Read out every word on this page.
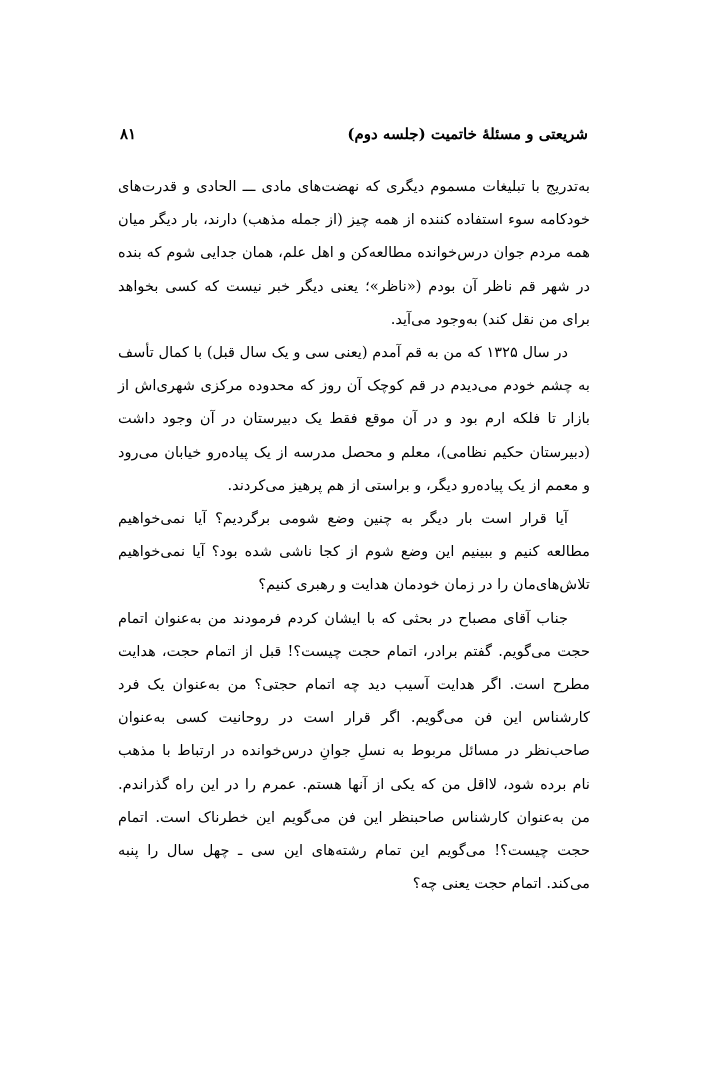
شریعتی و مسئلهٔ خاتمیت (جلسه دوم)
۸۱

به‌تدریج با تبلیغات مسموم دیگری که نهضت‌های مادی ـــ الحادی و قدرت‌های خودکامه سوء استفاده کننده از همه چیز (از جمله مذهب) دارند، بار دیگر میان همه مردم جوان درس‌خوانده مطالعه‌کن و اهل علم، همان جدایی شوم که بنده در شهر قم ناظر آن بودم («ناظر»؛ یعنی دیگر خبر نیست که کسی بخواهد برای من نقل کند) به‌وجود می‌آید.

در سال ۱۳۲۵ که من به قم آمدم (یعنی سی و یک سال قبل) با کمال تأسف به چشم خودم می‌دیدم در قم کوچک آن روز که محدوده مرکزی شهری‌اش از بازار تا فلکه ارم بود و در آن موقع فقط یک دبیرستان در آن وجود داشت (دبیرستان حکیم نظامی)، معلم و محصل مدرسه از یک پیاده‌رو خیابان می‌رود و معمم از یک پیاده‌رو دیگر، و براستی از هم پرهیز می‌کردند.

آیا قرار است بار دیگر به چنین وضع شومی برگردیم؟ آیا نمی‌خواهیم مطالعه کنیم و ببینیم این وضع شوم از کجا ناشی شده بود؟ آیا نمی‌خواهیم تلاش‌های‌مان را در زمان خودمان هدایت و رهبری کنیم؟

جناب آقای مصباح در بحثی که با ایشان کردم فرمودند من به‌عنوان اتمام حجت می‌گویم. گفتم برادر، اتمام حجت چیست؟! قبل از اتمام حجت، هدایت مطرح است. اگر هدایت آسیب دید چه اتمام حجتی؟ من به‌عنوان یک فرد کارشناس این فن می‌گویم. اگر قرار است در روحانیت کسی به‌عنوان صاحب‌نظر در مسائل مربوط به نسلِ جوانِ درس‌خوانده در ارتباط با مذهب نام برده شود، لااقل من که یکی از آنها هستم. عمرم را در این راه گذراندم. من به‌عنوان کارشناس صاحبنظر این فن می‌گویم این خطرناک است. اتمام حجت چیست؟! می‌گویم این تمام رشته‌های این سی ـ چهل سال را پنبه می‌کند. اتمام حجت یعنی چه؟
